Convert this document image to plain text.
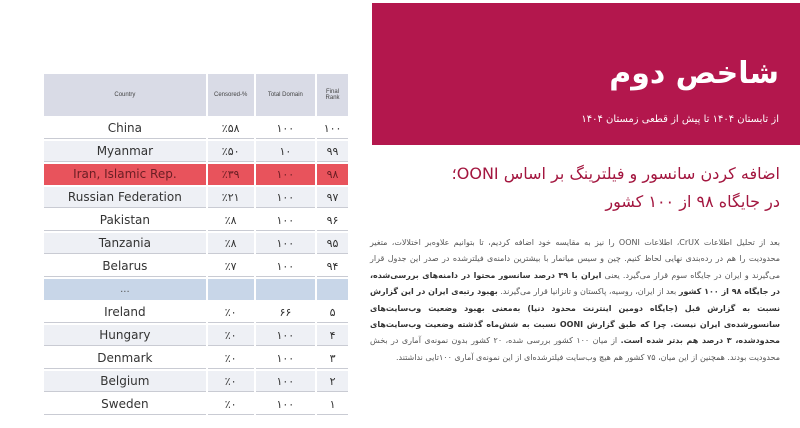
Country	Censored-%	Total Domain	Final Rank
China	٪۵۸	۱۰۰	۱۰۰
Myanmar	٪۵۰	۱۰	۹۹
Iran, Islamic Rep.	٪۳۹	۱۰۰	۹۸
Russian Federation	٪۲۱	۱۰۰	۹۷
Pakistan	٪۸	۱۰۰	۹۶
Tanzania	٪۸	۱۰۰	۹۵
Belarus	٪۷	۱۰۰	۹۴
...			
Ireland	٪۰	۶۶	۵
Hungary	٪۰	۱۰۰	۴
Denmark	٪۰	۱۰۰	۳
Belgium	٪۰	۱۰۰	۲
Sweden	٪۰	۱۰۰	۱
شاخص دوم
از تابستان ۱۴۰۴ تا پیش از قطعی زمستان ۱۴۰۴
اضافه کردن سانسور و فیلترینگ بر اساس OONI؛
در جایگاه ۹۸ از ۱۰۰ کشور

بعد از تحلیل اطلاعات CrUX، اطلاعات OONI را نیز به مقایسه خود اضافه کردیم، تا بتوانیم علاوه‌بر اختلالات، متغیر محدودیت را هم در رده‌بندی نهایی لحاظ کنیم. چین و سیس میانمار با بیشترین دامنه‌ی فیلترشده در صدر این جدول قرار می‌گیرند و ایران در جایگاه سوم قرار می‌گیرد. یعنی ایران با ۳۹ درصد سانسور محتوا در دامنه‌های بررسی‌شده، در جایگاه ۹۸ از ۱۰۰ کشور بعد از ایران، روسیه، پاکستان و تانزانیا قرار می‌گیرند. بهبود رتبه‌ی ایران در این گزارش نسبت به گزارش قبل (جایگاه دومین اینترنت محدود دنیا) به‌معنی بهبود وضعیت وب‌سایت‌های سانسورشده‌ی ایران نیست. چرا که طبق گزارش OONI نسبت به شش‌ماه گذشته وضعیت وب‌سایت‌های محدودشده، ۳ درصد هم بدتر شده است. از میان ۱۰۰ کشور بررسی شده، ۲۰ کشور بدون نمونه‌ی آماری در بخش محدودیت بودند. همچنین از این میان، ۷۵ کشور هم هیچ وب‌سایت فیلترشده‌ای از این نمونه‌ی آماری ۱۰۰تایی نداشتند.
